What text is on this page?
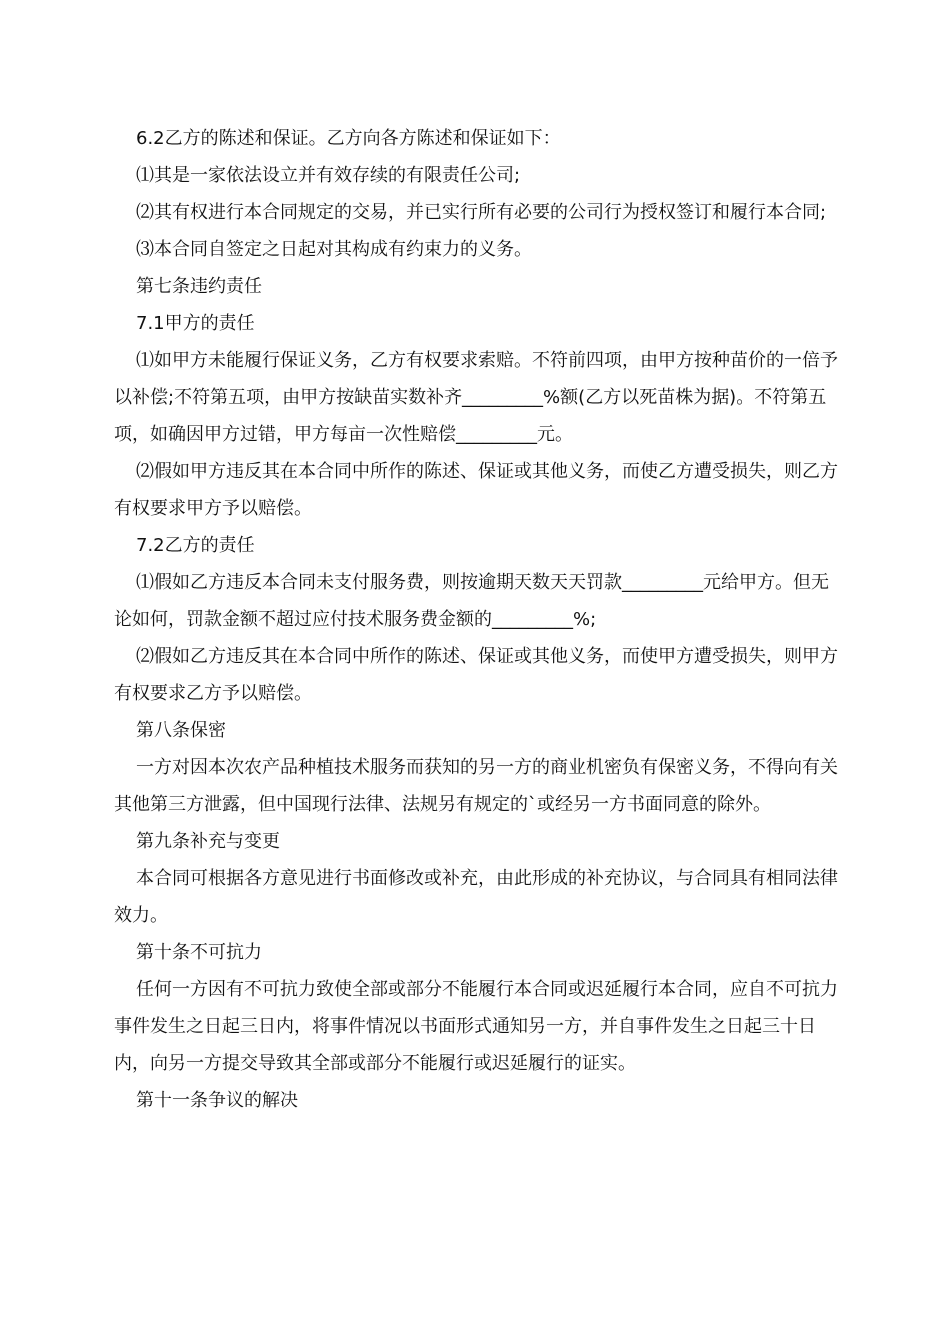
6.2乙方的陈述和保证。乙方向各方陈述和保证如下：

⑴其是一家依法设立并有效存续的有限责任公司;

⑵其有权进行本合同规定的交易，并已实行所有必要的公司行为授权签订和履行本合同;

⑶本合同自签定之日起对其构成有约束力的义务。

第七条违约责任

7.1甲方的责任

⑴如甲方未能履行保证义务，乙方有权要求索赔。不符前四项，由甲方按种苗价的一倍予以补偿;不符第五项，由甲方按缺苗实数补齐_________%额(乙方以死苗株为据)。不符第五项，如确因甲方过错，甲方每亩一次性赔偿_________元。

⑵假如甲方违反其在本合同中所作的陈述、保证或其他义务，而使乙方遭受损失，则乙方有权要求甲方予以赔偿。

7.2乙方的责任

⑴假如乙方违反本合同未支付服务费，则按逾期天数天天罚款_________元给甲方。但无论如何，罚款金额不超过应付技术服务费金额的_________%;

⑵假如乙方违反其在本合同中所作的陈述、保证或其他义务，而使甲方遭受损失，则甲方有权要求乙方予以赔偿。

第八条保密

一方对因本次农产品种植技术服务而获知的另一方的商业机密负有保密义务，不得向有关其他第三方泄露，但中国现行法律、法规另有规定的`或经另一方书面同意的除外。

第九条补充与变更

本合同可根据各方意见进行书面修改或补充，由此形成的补充协议，与合同具有相同法律效力。

第十条不可抗力

任何一方因有不可抗力致使全部或部分不能履行本合同或迟延履行本合同，应自不可抗力事件发生之日起三日内，将事件情况以书面形式通知另一方，并自事件发生之日起三十日内，向另一方提交导致其全部或部分不能履行或迟延履行的证实。

第十一条争议的解决
